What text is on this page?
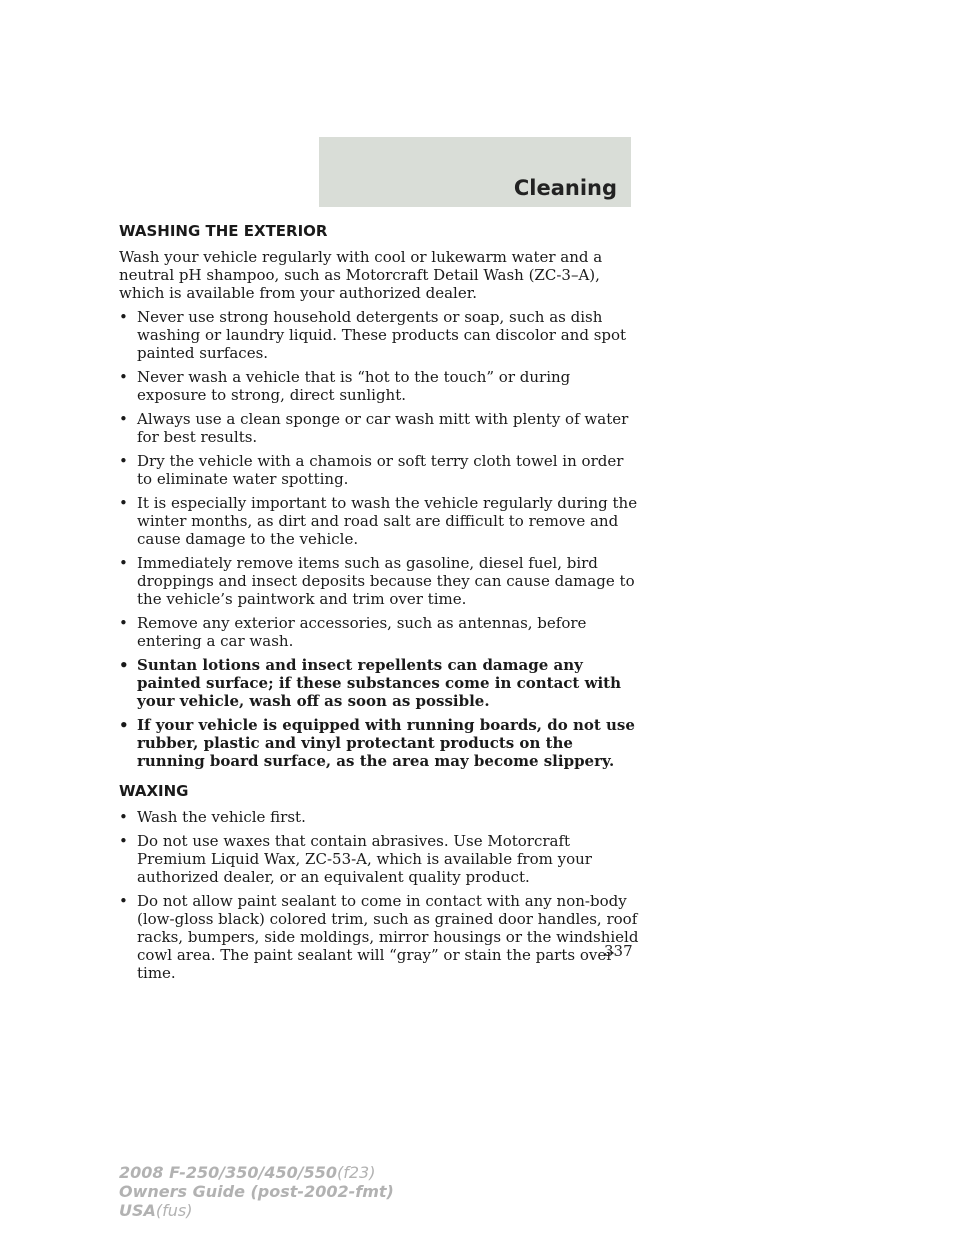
Cleaning
WASHING THE EXTERIOR

Wash your vehicle regularly with cool or lukewarm water and a neutral pH shampoo, such as Motorcraft Detail Wash (ZC-3–A), which is available from your authorized dealer.

• Never use strong household detergents or soap, such as dish washing or laundry liquid. These products can discolor and spot painted surfaces.
• Never wash a vehicle that is “hot to the touch” or during exposure to strong, direct sunlight.
• Always use a clean sponge or car wash mitt with plenty of water for best results.
• Dry the vehicle with a chamois or soft terry cloth towel in order to eliminate water spotting.
• It is especially important to wash the vehicle regularly during the winter months, as dirt and road salt are difficult to remove and cause damage to the vehicle.
• Immediately remove items such as gasoline, diesel fuel, bird droppings and insect deposits because they can cause damage to the vehicle’s paintwork and trim over time.
• Remove any exterior accessories, such as antennas, before entering a car wash.
• Suntan lotions and insect repellents can damage any painted surface; if these substances come in contact with your vehicle, wash off as soon as possible.
• If your vehicle is equipped with running boards, do not use rubber, plastic and vinyl protectant products on the running board surface, as the area may become slippery.
WAXING
• Wash the vehicle first.
• Do not use waxes that contain abrasives. Use Motorcraft Premium Liquid Wax, ZC-53-A, which is available from your authorized dealer, or an equivalent quality product.
• Do not allow paint sealant to come in contact with any non-body (low-gloss black) colored trim, such as grained door handles, roof racks, bumpers, side moldings, mirror housings or the windshield cowl area. The paint sealant will “gray” or stain the parts over time.
337
2008 F-250/350/450/550(f23)
Owners Guide (post-2002-fmt)
USA(fus)
